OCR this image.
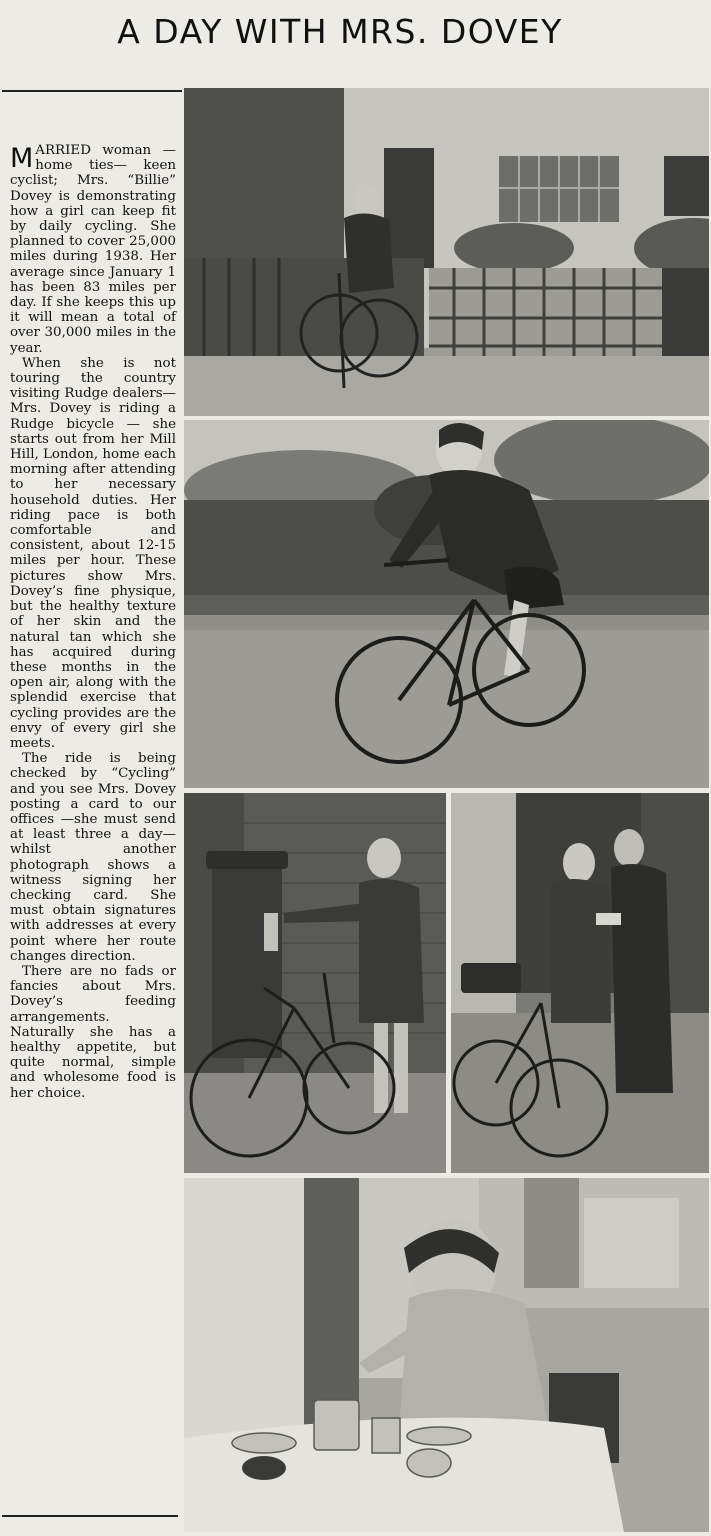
A DAY WITH MRS. DOVEY

MARRIED woman —home ties— keen cyclist; Mrs. “Billie” Dovey is demonstrating how a girl can keep fit by daily cycling. She planned to cover 25,000 miles during 1938. Her average since January 1 has been 83 miles per day. If she keeps this up it will mean a total of over 30,000 miles in the year.

When she is not touring the country visiting Rudge dealers—Mrs. Dovey is riding a Rudge bicycle — she starts out from her Mill Hill, London, home each morning after attending to her necessary household duties. Her riding pace is both comfortable and consistent, about 12-15 miles per hour. These pictures show Mrs. Dovey’s fine physique, but the healthy texture of her skin and the natural tan which she has acquired during these months in the open air, along with the splendid exercise that cycling provides are the envy of every girl she meets.

The ride is being checked by “Cycling” and you see Mrs. Dovey posting a card to our offices —she must send at least three a day— whilst another photograph shows a witness signing her checking card. She must obtain signatures with addresses at every point where her route changes direction.

There are no fads or fancies about Mrs. Dovey’s feeding arrangements. Naturally she has a healthy appetite, but quite normal, simple and wholesome food is her choice.
